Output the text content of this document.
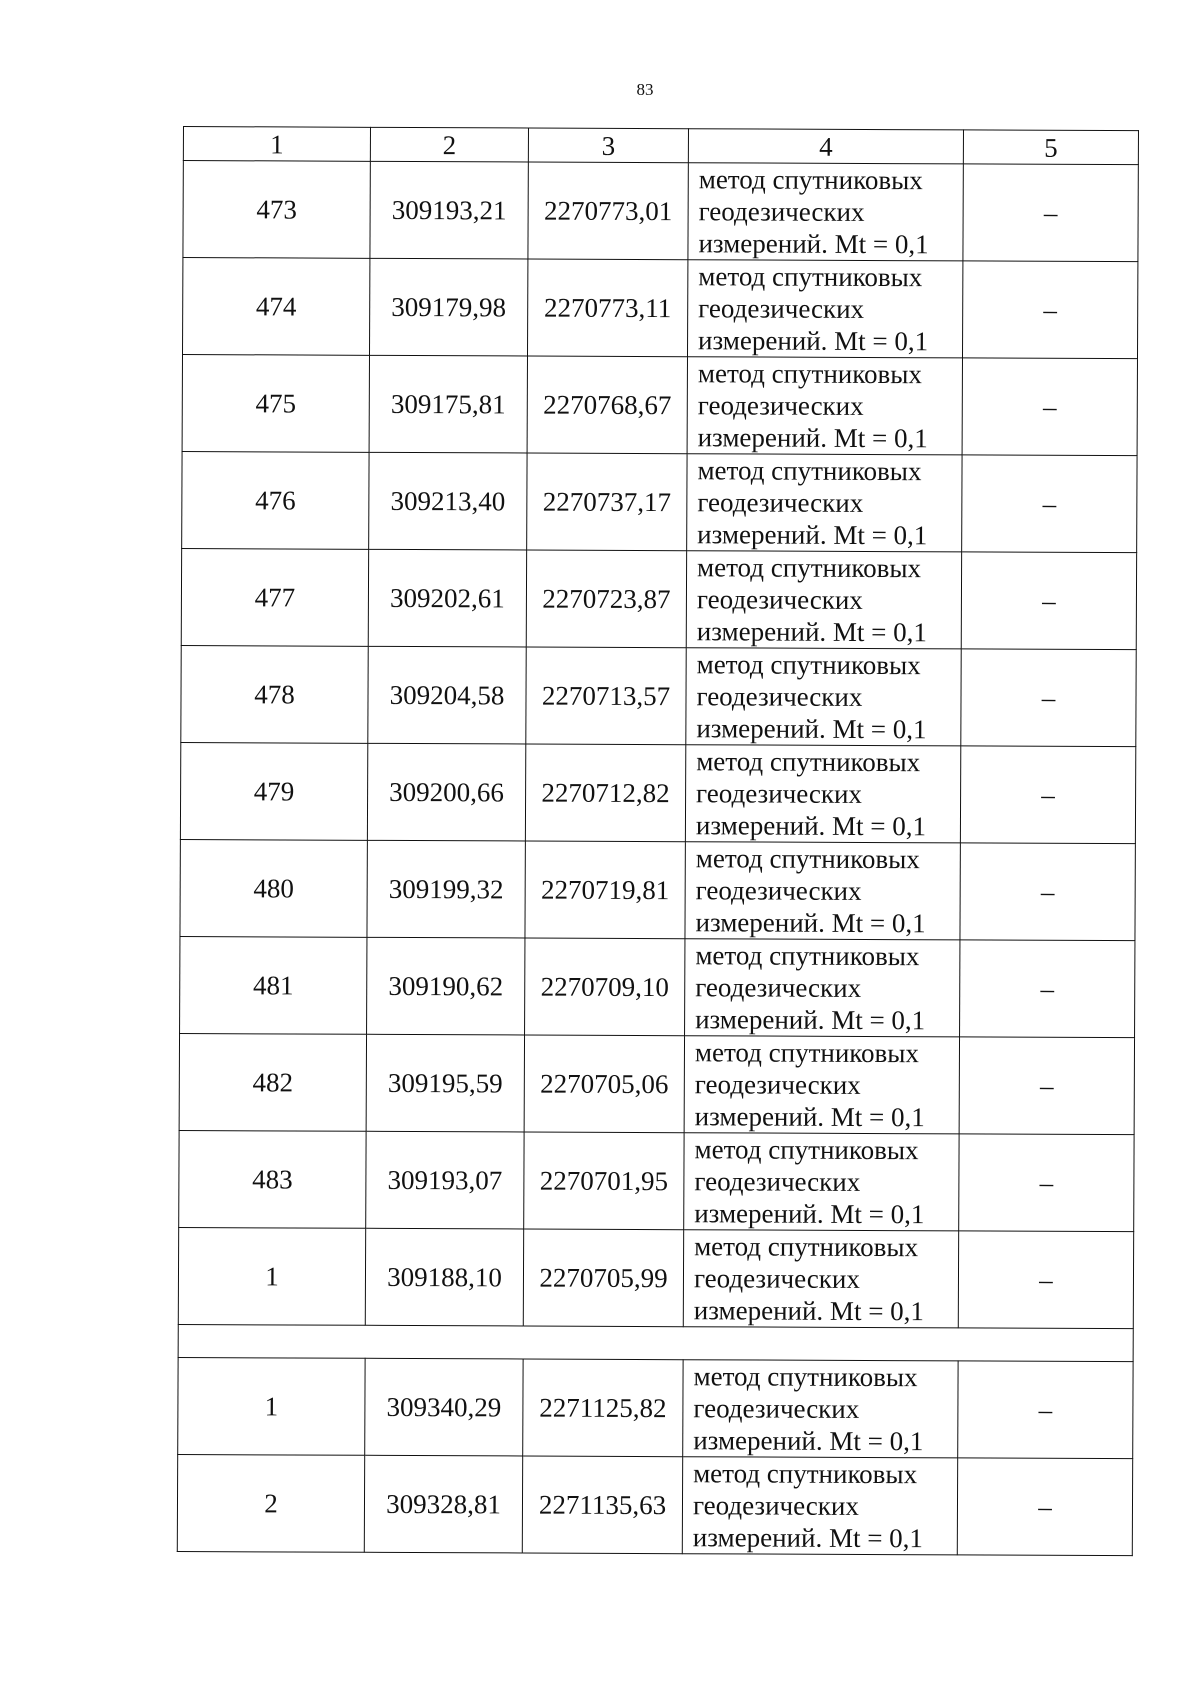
83
1	2	3	4	5
473	309193,21	2270773,01	метод спутниковых
геодезических
измерений. Mt = 0,1	–
474	309179,98	2270773,11	метод спутниковых
геодезических
измерений. Mt = 0,1	–
475	309175,81	2270768,67	метод спутниковых
геодезических
измерений. Mt = 0,1	–
476	309213,40	2270737,17	метод спутниковых
геодезических
измерений. Mt = 0,1	–
477	309202,61	2270723,87	метод спутниковых
геодезических
измерений. Mt = 0,1	–
478	309204,58	2270713,57	метод спутниковых
геодезических
измерений. Mt = 0,1	–
479	309200,66	2270712,82	метод спутниковых
геодезических
измерений. Mt = 0,1	–
480	309199,32	2270719,81	метод спутниковых
геодезических
измерений. Mt = 0,1	–
481	309190,62	2270709,10	метод спутниковых
геодезических
измерений. Mt = 0,1	–
482	309195,59	2270705,06	метод спутниковых
геодезических
измерений. Mt = 0,1	–
483	309193,07	2270701,95	метод спутниковых
геодезических
измерений. Mt = 0,1	–
1	309188,10	2270705,99	метод спутниковых
геодезических
измерений. Mt = 0,1	–

1	309340,29	2271125,82	метод спутниковых
геодезических
измерений. Mt = 0,1	–
2	309328,81	2271135,63	метод спутниковых
геодезических
измерений. Mt = 0,1	–
